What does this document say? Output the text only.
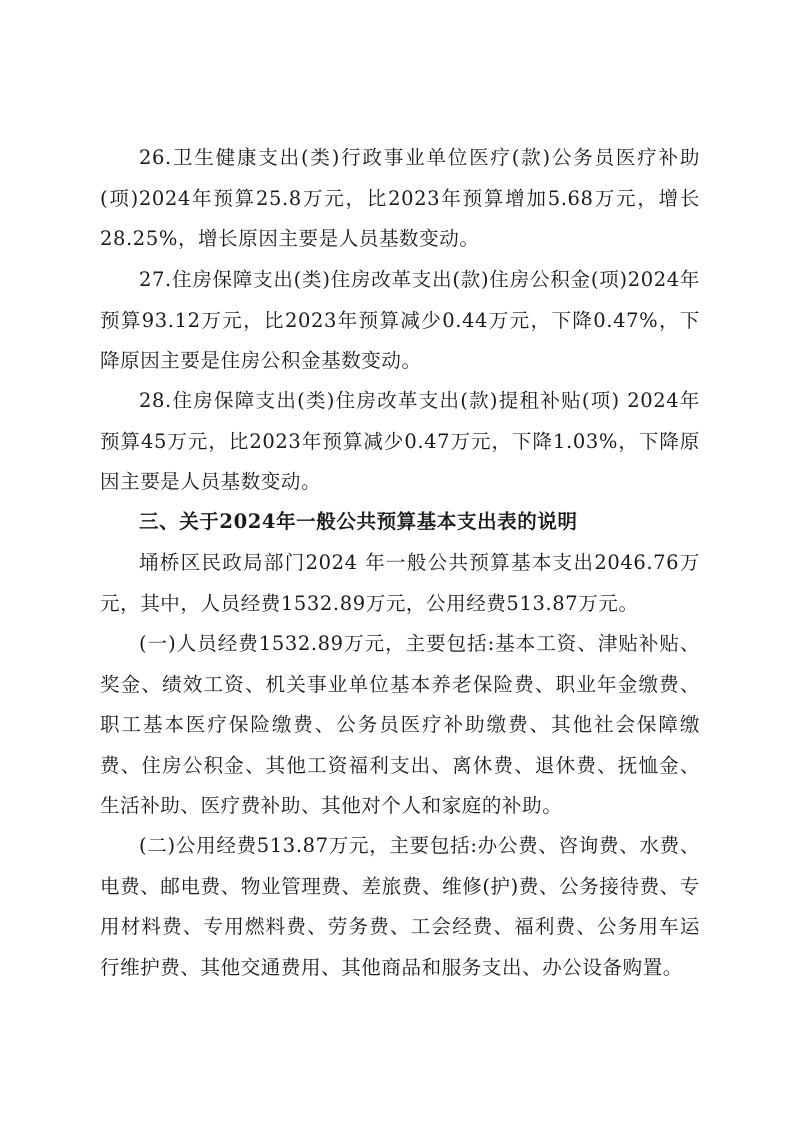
26.卫生健康支出(类)行政事业单位医疗(款)公务员医疗补助(项)2024年预算25.8万元，比2023年预算增加5.68万元，增长28.25%，增长原因主要是人员基数变动。

27.住房保障支出(类)住房改革支出(款)住房公积金(项)2024年预算93.12万元，比2023年预算减少0.44万元，下降0.47%，下降原因主要是住房公积金基数变动。

28.住房保障支出(类)住房改革支出(款)提租补贴(项) 2024年预算45万元，比2023年预算减少0.47万元，下降1.03%，下降原因主要是人员基数变动。

三、关于2024年一般公共预算基本支出表的说明

埇桥区民政局部门2024 年一般公共预算基本支出2046.76万元，其中，人员经费1532.89万元，公用经费513.87万元。

(一)人员经费1532.89万元，主要包括:基本工资、津贴补贴、奖金、绩效工资、机关事业单位基本养老保险费、职业年金缴费、职工基本医疗保险缴费、公务员医疗补助缴费、其他社会保障缴费、住房公积金、其他工资福利支出、离休费、退休费、抚恤金、生活补助、医疗费补助、其他对个人和家庭的补助。

(二)公用经费513.87万元，主要包括:办公费、咨询费、水费、电费、邮电费、物业管理费、差旅费、维修(护)费、公务接待费、专用材料费、专用燃料费、劳务费、工会经费、福利费、公务用车运行维护费、其他交通费用、其他商品和服务支出、办公设备购置。
